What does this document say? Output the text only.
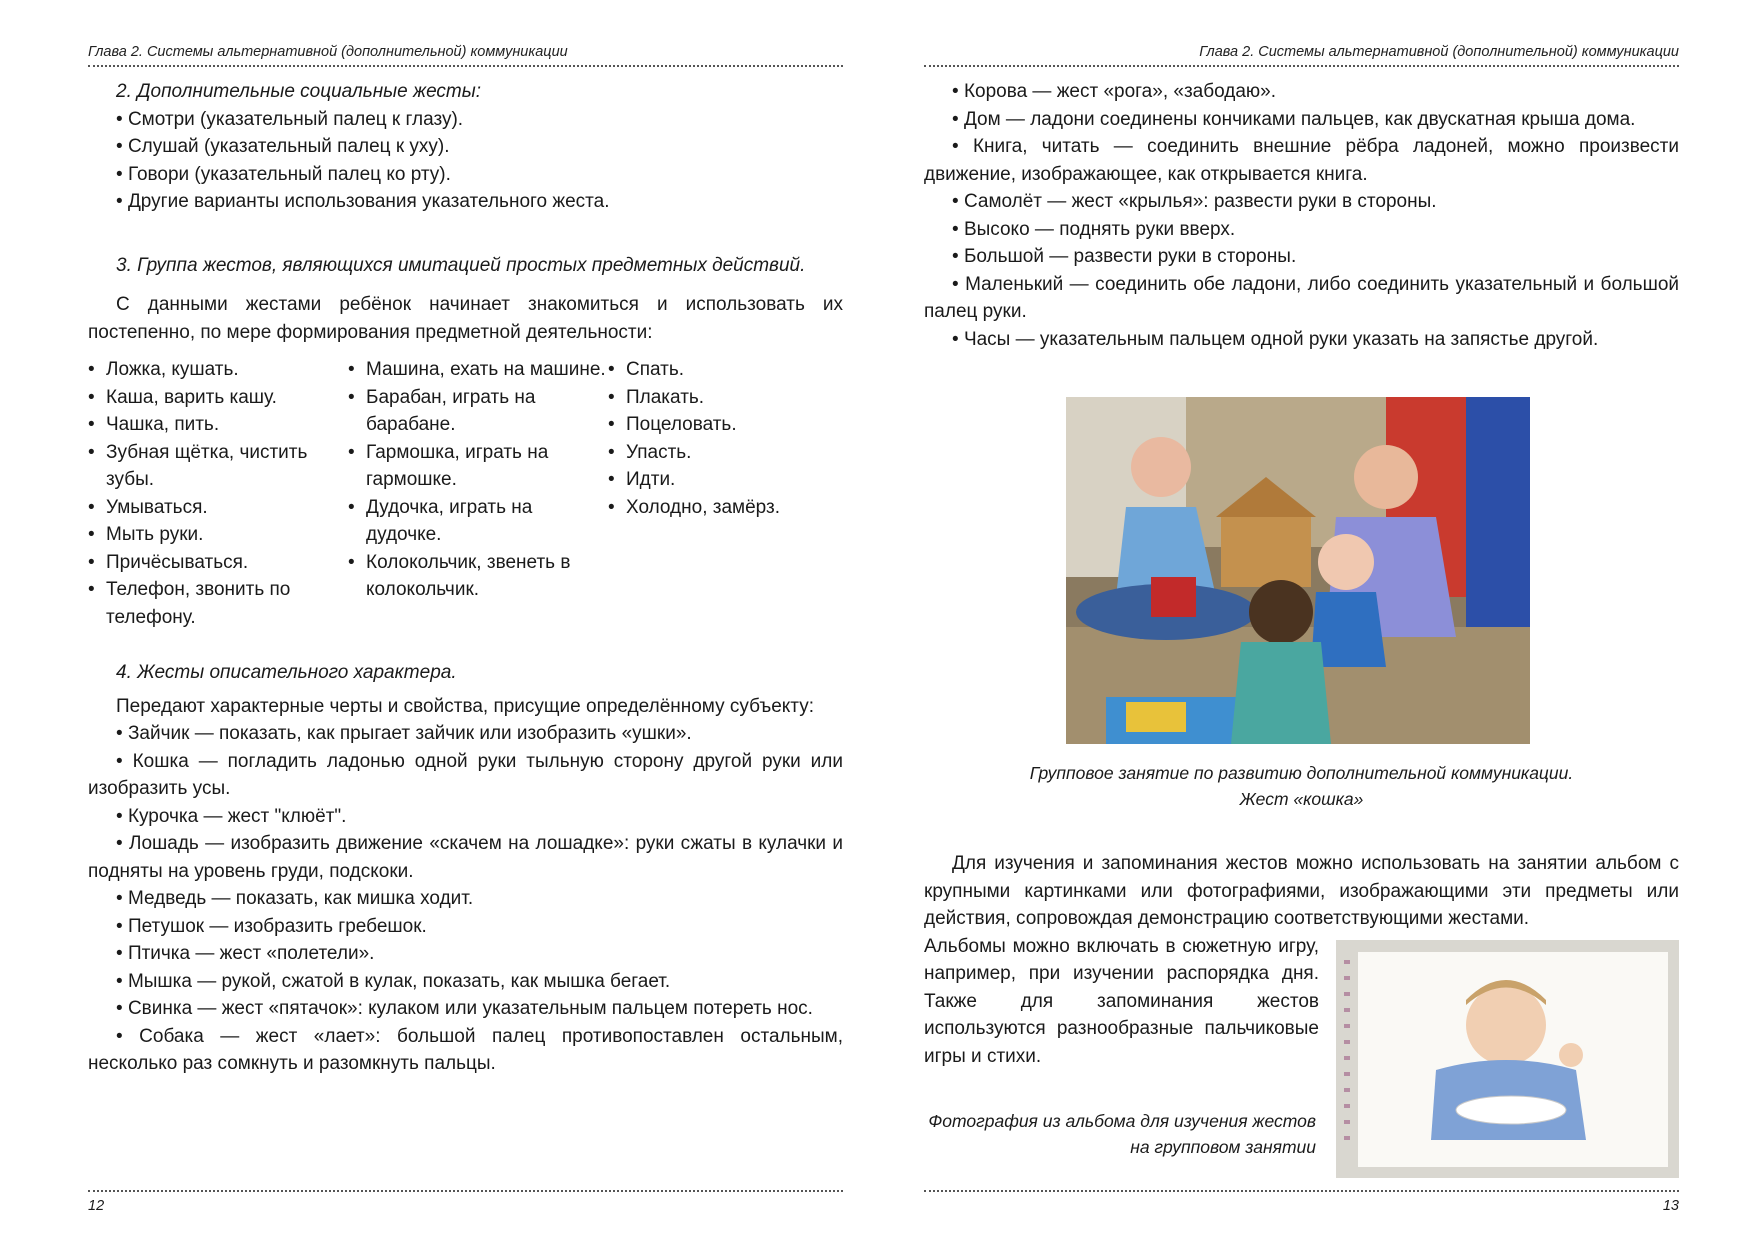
Глава 2. Системы альтернативной (дополнительной) коммуникации

2. Дополнительные социальные жесты:

• Смотри (указательный палец к глазу).

• Слушай (указательный палец к уху).

• Говори (указательный палец ко рту).

• Другие варианты использования указательного жеста.

3. Группа жестов, являющихся имитацией простых предметных действий.

С данными жестами ребёнок начинает знакомиться и использовать их постепенно, по мере формирования предметной деятельности:

• Ложка, кушать.
• Каша, варить кашу.
• Чашка, пить.
• Зубная щётка, чистить зубы.
• Умываться.
• Мыть руки.
• Причёсываться.
• Телефон, звонить по телефону.
• Машина, ехать на машине.
• Барабан, играть на барабане.
• Гармошка, играть на гармошке.
• Дудочка, играть на дудочке.
• Колокольчик, звенеть в колокольчик.
• Спать.
• Плакать.
• Поцеловать.
• Упасть.
• Идти.
• Холодно, замёрз.

4. Жесты описательного характера.

Передают характерные черты и свойства, присущие определённому субъекту:

• Зайчик — показать, как прыгает зайчик или изобразить «ушки».

• Кошка — погладить ладонью одной руки тыльную сторону другой руки или изобразить усы.

• Курочка — жест "клюёт".

• Лошадь — изобразить движение «скачем на лошадке»: руки сжаты в кулачки и подняты на уровень груди, подскоки.

• Медведь — показать, как мишка ходит.

• Петушок — изобразить гребешок.

• Птичка — жест «полетели».

• Мышка — рукой, сжатой в кулак, показать, как мышка бегает.

• Свинка — жест «пятачок»: кулаком или указательным пальцем потереть нос.

• Собака — жест «лает»: большой палец противопоставлен остальным, несколько раз сомкнуть и разомкнуть пальцы.

12
Глава 2. Системы альтернативной (дополнительной) коммуникации

• Корова — жест «рога», «забодаю».

• Дом — ладони соединены кончиками пальцев, как двускатная крыша дома.

• Книга, читать — соединить внешние рёбра ладоней, можно произвести движение, изображающее, как открывается книга.

• Самолёт — жест «крылья»: развести руки в стороны.

• Высоко — поднять руки вверх.

• Большой — развести руки в стороны.

• Маленький — соединить обе ладони, либо соединить указательный и большой палец руки.

• Часы — указательным пальцем одной руки указать на запястье другой.

Групповое занятие по развитию дополнительной коммуникации.
Жест «кошка»

Для изучения и запоминания жестов можно использовать на занятии альбом с крупными картинками или фотографиями, изображающими эти предметы или действия, сопровождая демонстрацию соответствующими жестами.

Альбомы можно включать в сюжетную игру, например, при изучении распорядка дня. Также для запоминания жестов используются разнообразные пальчиковые игры и стихи.

Фотография из альбома для изучения жестов на групповом занятии
13
